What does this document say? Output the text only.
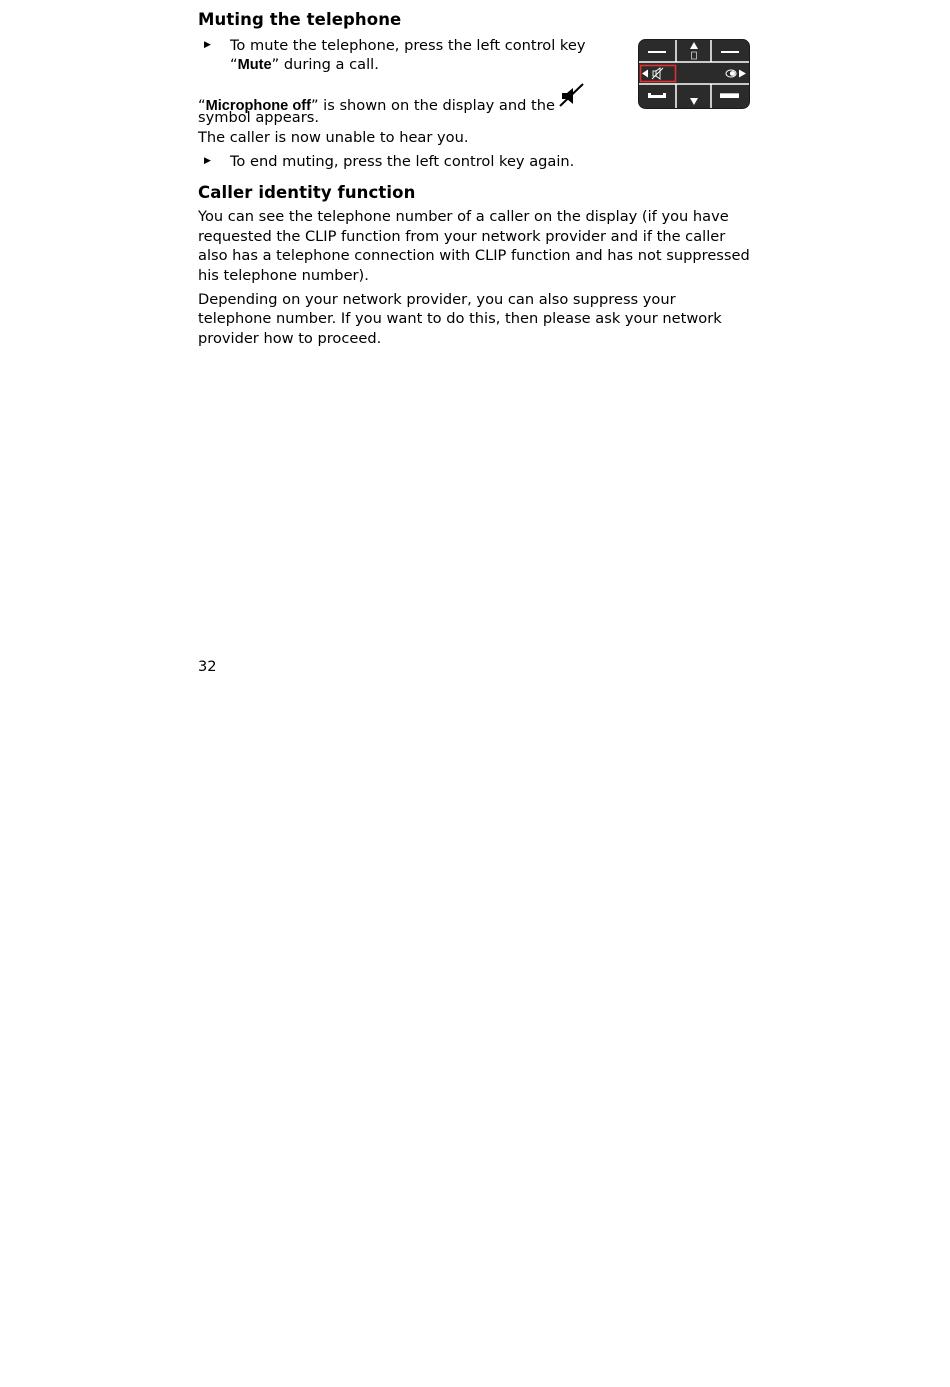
Muting the telephone
▶ To mute the telephone, press the left control key
“Mute” during a call.
“Microphone off” is shown on the display and the
symbol appears.
The caller is now unable to hear you.
▶ To end muting, press the left control key again.
Caller identity function
You can see the telephone number of a caller on the display (if you have requested the CLIP function from your network provider and if the caller also has a telephone connection with CLIP function and has not suppressed his telephone number).
Depending on your network provider, you can also suppress your telephone number. If you want to do this, then please ask your network provider how to proceed.
32
